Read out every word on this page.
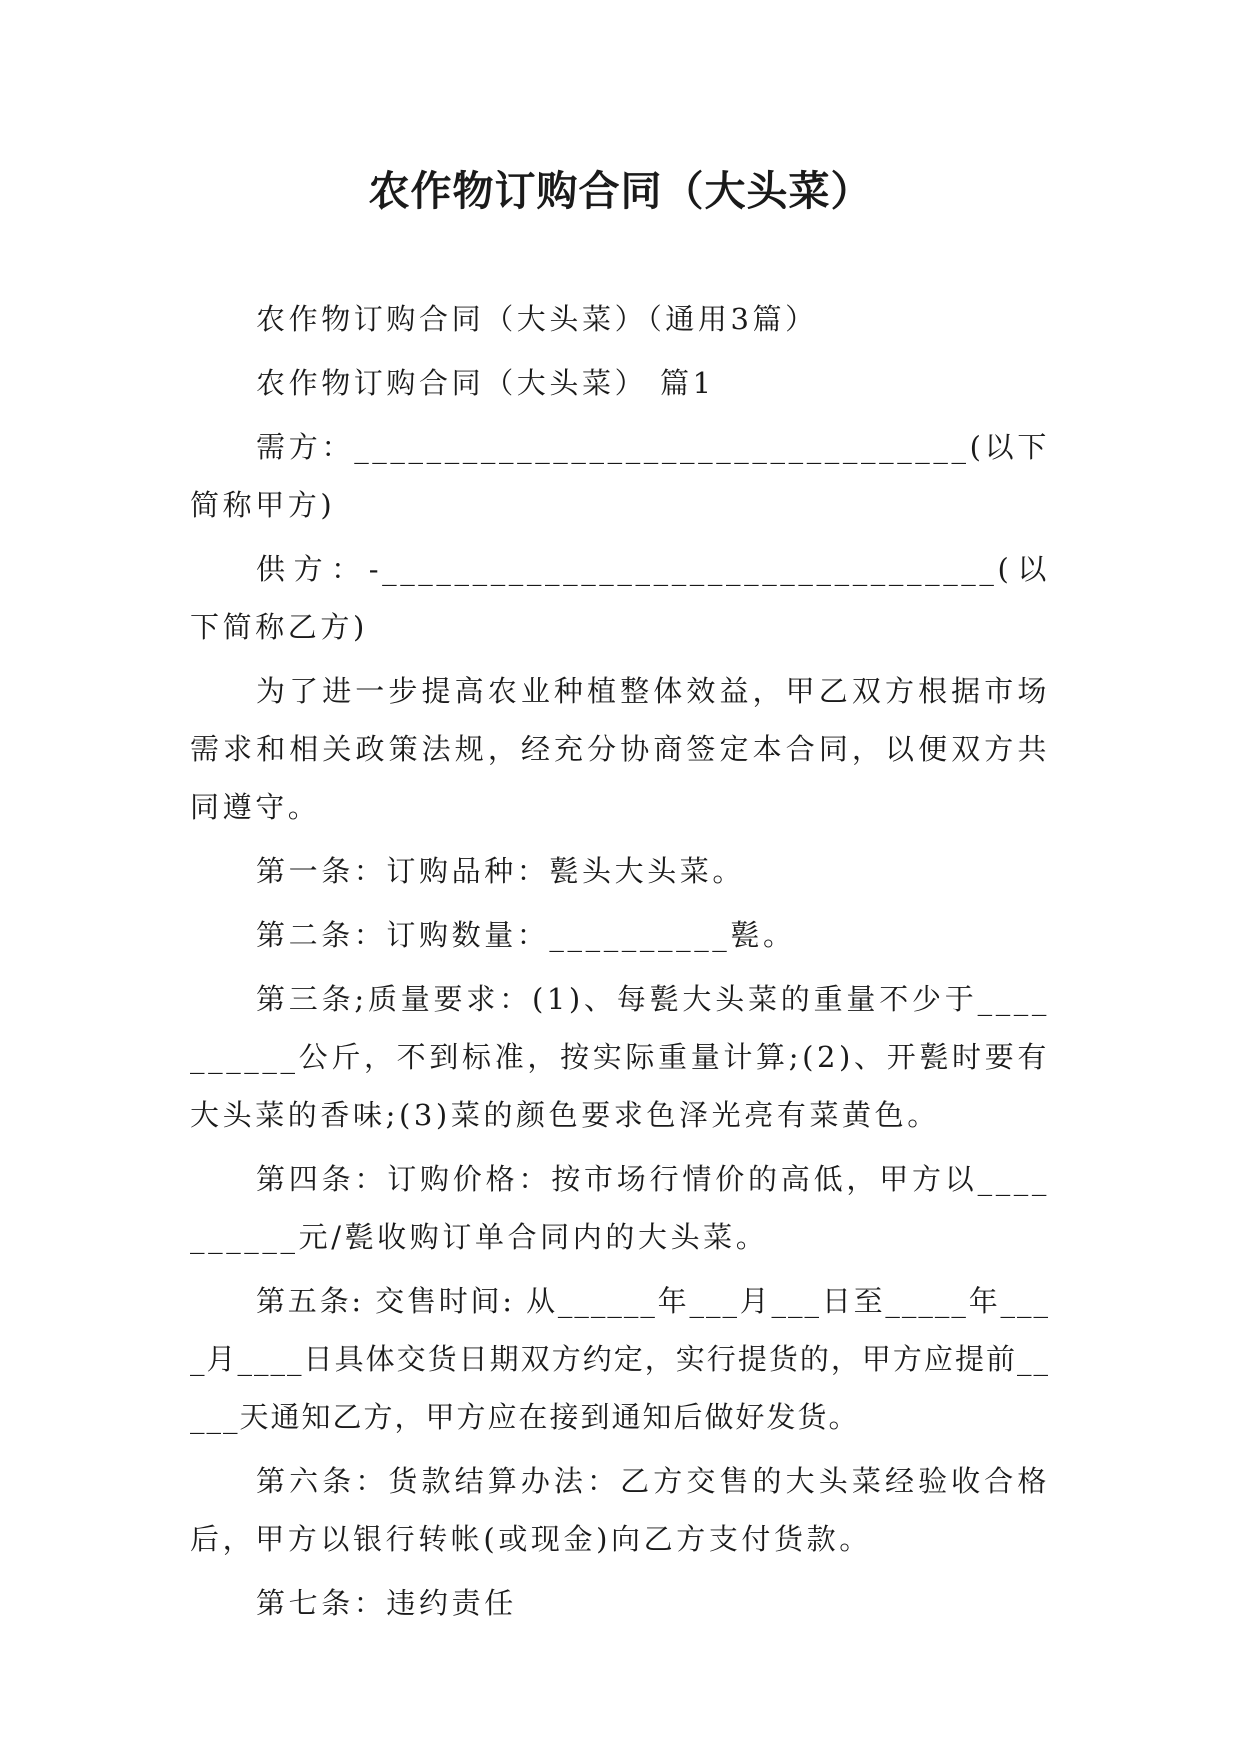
农作物订购合同（大头菜）

农作物订购合同（大头菜）（通用3篇）

农作物订购合同（大头菜） 篇1

需方：__________________________________(以下简称甲方)

供方：-__________________________________(以下简称乙方)

为了进一步提高农业种植整体效益，甲乙双方根据市场需求和相关政策法规，经充分协商签定本合同，以便双方共同遵守。

第一条：订购品种：甏头大头菜。

第二条：订购数量：__________甏。

第三条;质量要求：(1)、每甏大头菜的重量不少于__________公斤，不到标准，按实际重量计算;(2)、开甏时要有大头菜的香味;(3)菜的颜色要求色泽光亮有菜黄色。

第四条：订购价格：按市场行情价的高低，甲方以__________元/甏收购订单合同内的大头菜。

第五条: 交售时间: 从______年___月___日至_____年____月____日具体交货日期双方约定，实行提货的，甲方应提前_____天通知乙方，甲方应在接到通知后做好发货。

第六条：货款结算办法：乙方交售的大头菜经验收合格后，甲方以银行转帐(或现金)向乙方支付货款。

第七条：违约责任
